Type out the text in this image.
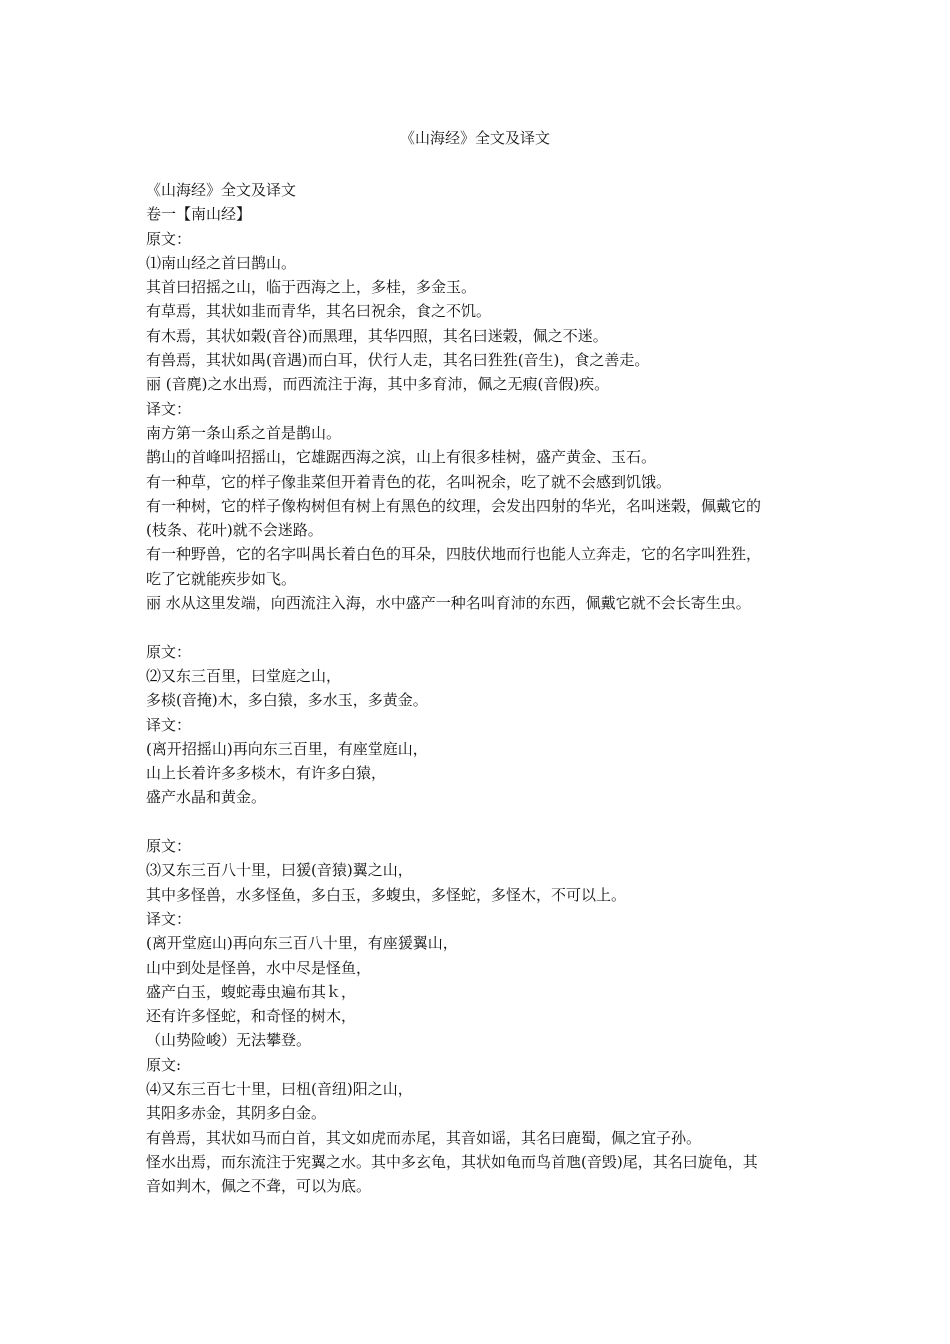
《山海经》全文及译文
《山海经》全文及译文
卷一【南山经】
原文：
⑴南山经之首曰鹊山。
其首曰招摇之山，临于西海之上，多桂，多金玉。
有草焉，其状如韭而青华，其名曰祝余，食之不饥。
有木焉，其状如榖(音谷)而黑理，其华四照，其名曰迷榖，佩之不迷。
有兽焉，其状如禺(音遇)而白耳，伏行人走，其名曰狌狌(音生)，食之善走。
丽 (音麂)之水出焉，而西流注于海，其中多育沛，佩之无瘕(音假)疾。
译文：
南方第一条山系之首是鹊山。
鹊山的首峰叫招摇山，它雄踞西海之滨，山上有很多桂树，盛产黄金、玉石。
有一种草，它的样子像韭菜但开着青色的花，名叫祝余，吃了就不会感到饥饿。
有一种树，它的样子像构树但有树上有黑色的纹理，会发出四射的华光，名叫迷榖，佩戴它的
(枝条、花叶)就不会迷路。
有一种野兽，它的名字叫禺长着白色的耳朵，四肢伏地而行也能人立奔走，它的名字叫狌狌，
吃了它就能疾步如飞。
丽 水从这里发端，向西流注入海，水中盛产一种名叫育沛的东西，佩戴它就不会长寄生虫。
原文：
⑵又东三百里，曰堂庭之山，
多棪(音掩)木，多白猿，多水玉，多黄金。
译文：
(离开招摇山)再向东三百里，有座堂庭山，
山上长着许多多棪木，有许多白猿，
盛产水晶和黄金。
原文：
⑶又东三百八十里，曰猨(音猿)翼之山，
其中多怪兽，水多怪鱼，多白玉，多蝮虫，多怪蛇，多怪木，不可以上。
译文：
(离开堂庭山)再向东三百八十里，有座猨翼山，
山中到处是怪兽，水中尽是怪鱼，
盛产白玉，蝮蛇毒虫遍布其ｋ，
还有许多怪蛇，和奇怪的树木，
（山势险峻）无法攀登。
原文:
⑷又东三百七十里，曰杻(音纽)阳之山，
其阳多赤金，其阴多白金。
有兽焉，其状如马而白首，其文如虎而赤尾，其音如谣，其名曰鹿蜀，佩之宜子孙。
怪水出焉，而东流注于宪翼之水。其中多玄龟，其状如龟而鸟首虺(音毁)尾，其名曰旋龟，其
音如判木，佩之不聋，可以为底。
